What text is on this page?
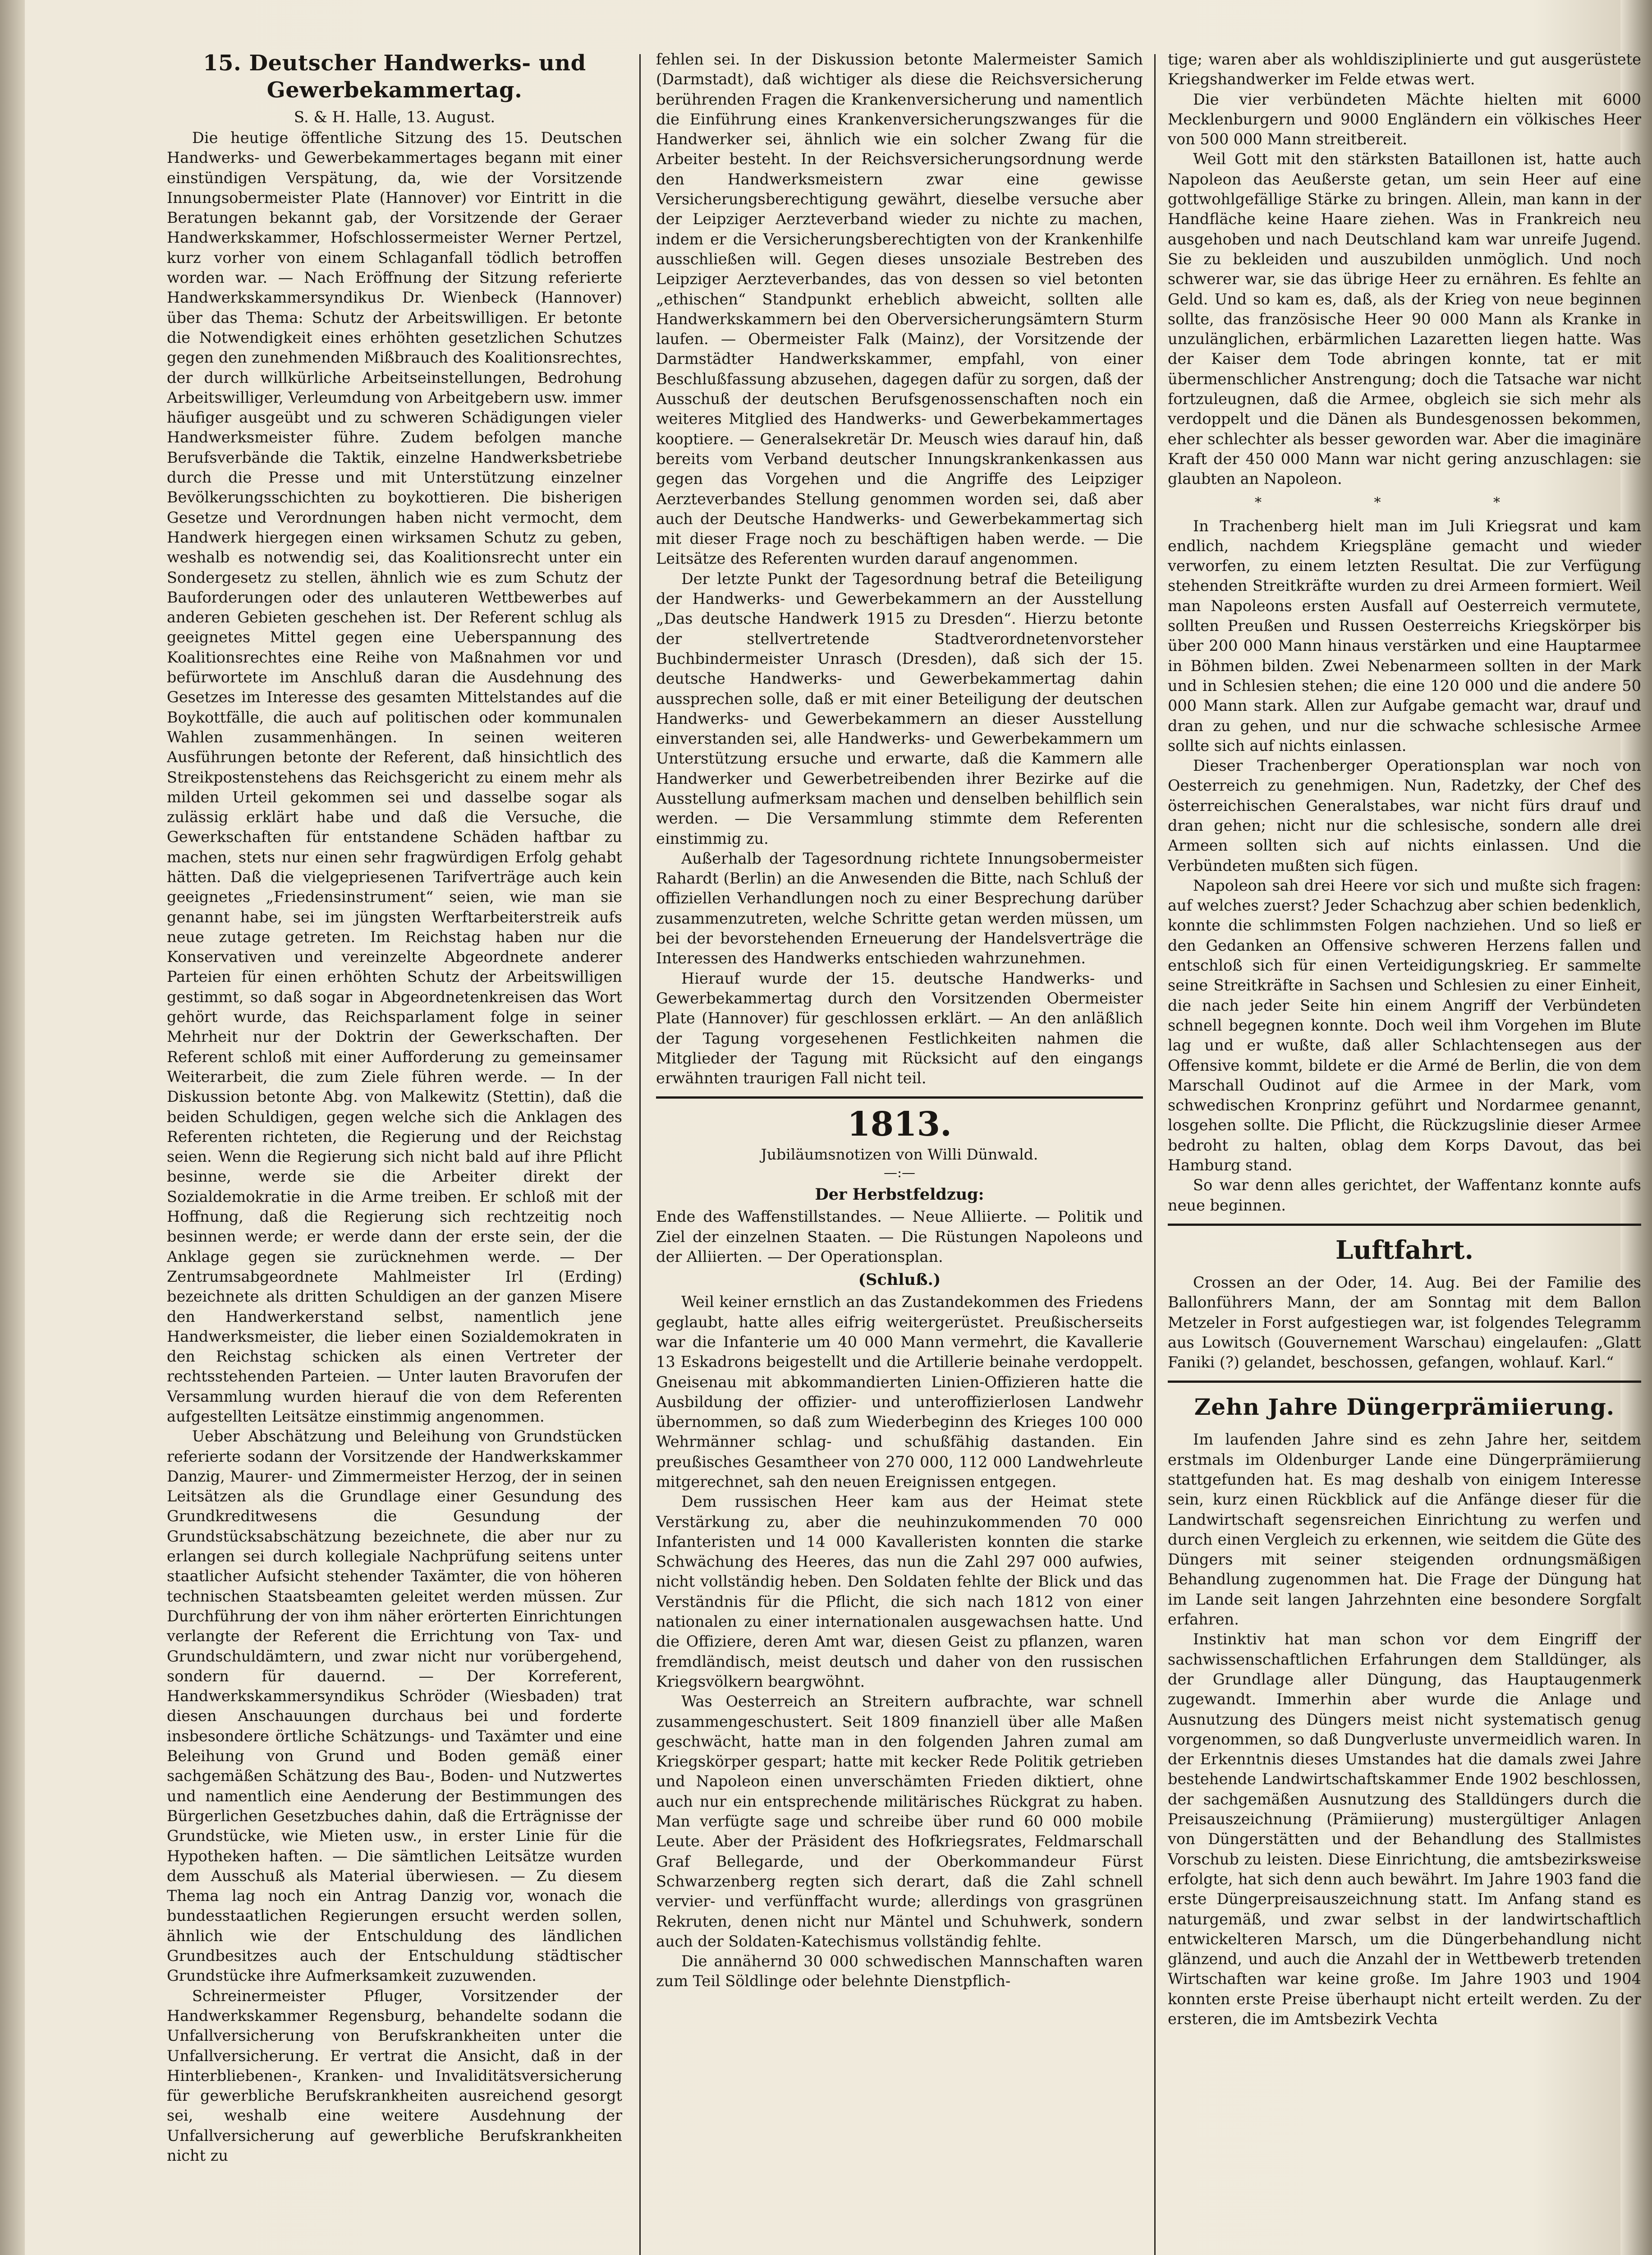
15. Deutscher Handwerks- und Gewerbekammertag.

S. & H. Halle, 13. August.

Die heutige öffentliche Sitzung des 15. Deutschen Handwerks- und Gewerbekammertages begann mit einer einstündigen Verspätung, da, wie der Vorsitzende Innungsobermeister Plate (Hannover) vor Eintritt in die Beratungen bekannt gab, der Vorsitzende der Geraer Handwerkskammer, Hofschlossermeister Werner Pertzel, kurz vorher von einem Schlaganfall tödlich betroffen worden war. — Nach Eröffnung der Sitzung referierte Handwerkskammersyndikus Dr. Wienbeck (Hannover) über das Thema: Schutz der Arbeitswilligen. Er betonte die Notwendigkeit eines erhöhten gesetzlichen Schutzes gegen den zunehmenden Mißbrauch des Koalitionsrechtes, der durch willkürliche Arbeitseinstellungen, Bedrohung Arbeitswilliger, Verleumdung von Arbeitgebern usw. immer häufiger ausgeübt und zu schweren Schädigungen vieler Handwerksmeister führe. Zudem befolgen manche Berufsverbände die Taktik, einzelne Handwerksbetriebe durch die Presse und mit Unterstützung einzelner Bevölkerungsschichten zu boykottieren. Die bisherigen Gesetze und Verordnungen haben nicht vermocht, dem Handwerk hiergegen einen wirksamen Schutz zu geben, weshalb es notwendig sei, das Koalitionsrecht unter ein Sondergesetz zu stellen, ähnlich wie es zum Schutz der Bauforderungen oder des unlauteren Wettbewerbes auf anderen Gebieten geschehen ist. Der Referent schlug als geeignetes Mittel gegen eine Ueberspannung des Koalitionsrechtes eine Reihe von Maßnahmen vor und befürwortete im Anschluß daran die Ausdehnung des Gesetzes im Interesse des gesamten Mittelstandes auf die Boykottfälle, die auch auf politischen oder kommunalen Wahlen zusammenhängen. In seinen weiteren Ausführungen betonte der Referent, daß hinsichtlich des Streikpostenstehens das Reichsgericht zu einem mehr als milden Urteil gekommen sei und dasselbe sogar als zulässig erklärt habe und daß die Versuche, die Gewerkschaften für entstandene Schäden haftbar zu machen, stets nur einen sehr fragwürdigen Erfolg gehabt hätten. Daß die vielgepriesenen Tarifverträge auch kein geeignetes „Friedensinstrument“ seien, wie man sie genannt habe, sei im jüngsten Werftarbeiterstreik aufs neue zutage getreten. Im Reichstag haben nur die Konservativen und vereinzelte Abgeordnete anderer Parteien für einen erhöhten Schutz der Arbeitswilligen gestimmt, so daß sogar in Abgeordnetenkreisen das Wort gehört wurde, das Reichsparlament folge in seiner Mehrheit nur der Doktrin der Gewerkschaften. Der Referent schloß mit einer Aufforderung zu gemeinsamer Weiterarbeit, die zum Ziele führen werde. — In der Diskussion betonte Abg. von Malkewitz (Stettin), daß die beiden Schuldigen, gegen welche sich die Anklagen des Referenten richteten, die Regierung und der Reichstag seien. Wenn die Regierung sich nicht bald auf ihre Pflicht besinne, werde sie die Arbeiter direkt der Sozialdemokratie in die Arme treiben. Er schloß mit der Hoffnung, daß die Regierung sich rechtzeitig noch besinnen werde; er werde dann der erste sein, der die Anklage gegen sie zurücknehmen werde. — Der Zentrumsabgeordnete Mahlmeister Irl (Erding) bezeichnete als dritten Schuldigen an der ganzen Misere den Handwerkerstand selbst, namentlich jene Handwerksmeister, die lieber einen Sozialdemokraten in den Reichstag schicken als einen Vertreter der rechtsstehenden Parteien. — Unter lauten Bravorufen der Versammlung wurden hierauf die von dem Referenten aufgestellten Leitsätze einstimmig angenommen.

Ueber Abschätzung und Beleihung von Grundstücken referierte sodann der Vorsitzende der Handwerkskammer Danzig, Maurer- und Zimmermeister Herzog, der in seinen Leitsätzen als die Grundlage einer Gesundung des Grundkreditwesens die Gesundung der Grundstücksabschätzung bezeichnete, die aber nur zu erlangen sei durch kollegiale Nachprüfung seitens unter staatlicher Aufsicht stehender Taxämter, die von höheren technischen Staatsbeamten geleitet werden müssen. Zur Durchführung der von ihm näher erörterten Einrichtungen verlangte der Referent die Errichtung von Tax- und Grundschuldämtern, und zwar nicht nur vorübergehend, sondern für dauernd. — Der Korreferent, Handwerkskammersyndikus Schröder (Wiesbaden) trat diesen Anschauungen durchaus bei und forderte insbesondere örtliche Schätzungs- und Taxämter und eine Beleihung von Grund und Boden gemäß einer sachgemäßen Schätzung des Bau-, Boden- und Nutzwertes und namentlich eine Aenderung der Bestimmungen des Bürgerlichen Gesetzbuches dahin, daß die Erträgnisse der Grundstücke, wie Mieten usw., in erster Linie für die Hypotheken haften. — Die sämtlichen Leitsätze wurden dem Ausschuß als Material überwiesen. — Zu diesem Thema lag noch ein Antrag Danzig vor, wonach die bundesstaatlichen Regierungen ersucht werden sollen, ähnlich wie der Entschuldung des ländlichen Grundbesitzes auch der Entschuldung städtischer Grundstücke ihre Aufmerksamkeit zuzuwenden.

Schreinermeister Pfluger, Vorsitzender der Handwerkskammer Regensburg, behandelte sodann die Unfallversicherung von Berufskrankheiten unter die Unfallversicherung. Er vertrat die Ansicht, daß in der Hinterbliebenen-, Kranken- und Invaliditätsversicherung für gewerbliche Berufskrankheiten ausreichend gesorgt sei, weshalb eine weitere Ausdehnung der Unfallversicherung auf gewerbliche Berufskrankheiten nicht zu

fehlen sei. In der Diskussion betonte Malermeister Samich (Darmstadt), daß wichtiger als diese die Reichsversicherung berührenden Fragen die Krankenversicherung und namentlich die Einführung eines Krankenversicherungszwanges für die Handwerker sei, ähnlich wie ein solcher Zwang für die Arbeiter besteht. In der Reichsversicherungsordnung werde den Handwerksmeistern zwar eine gewisse Versicherungsberechtigung gewährt, dieselbe versuche aber der Leipziger Aerzteverband wieder zu nichte zu machen, indem er die Versicherungsberechtigten von der Krankenhilfe ausschließen will. Gegen dieses unsoziale Bestreben des Leipziger Aerzteverbandes, das von dessen so viel betonten „ethischen“ Standpunkt erheblich abweicht, sollten alle Handwerkskammern bei den Oberversicherungsämtern Sturm laufen. — Obermeister Falk (Mainz), der Vorsitzende der Darmstädter Handwerkskammer, empfahl, von einer Beschlußfassung abzusehen, dagegen dafür zu sorgen, daß der Ausschuß der deutschen Berufsgenossenschaften noch ein weiteres Mitglied des Handwerks- und Gewerbekammertages kooptiere. — Generalsekretär Dr. Meusch wies darauf hin, daß bereits vom Verband deutscher Innungskrankenkassen aus gegen das Vorgehen und die Angriffe des Leipziger Aerzteverbandes Stellung genommen worden sei, daß aber auch der Deutsche Handwerks- und Gewerbekammertag sich mit dieser Frage noch zu beschäftigen haben werde. — Die Leitsätze des Referenten wurden darauf angenommen.

Der letzte Punkt der Tagesordnung betraf die Beteiligung der Handwerks- und Gewerbekammern an der Ausstellung „Das deutsche Handwerk 1915 zu Dresden“. Hierzu betonte der stellvertretende Stadtverordnetenvorsteher Buchbindermeister Unrasch (Dresden), daß sich der 15. deutsche Handwerks- und Gewerbekammertag dahin aussprechen solle, daß er mit einer Beteiligung der deutschen Handwerks- und Gewerbekammern an dieser Ausstellung einverstanden sei, alle Handwerks- und Gewerbekammern um Unterstützung ersuche und erwarte, daß die Kammern alle Handwerker und Gewerbetreibenden ihrer Bezirke auf die Ausstellung aufmerksam machen und denselben behilflich sein werden. — Die Versammlung stimmte dem Referenten einstimmig zu.

Außerhalb der Tagesordnung richtete Innungsobermeister Rahardt (Berlin) an die Anwesenden die Bitte, nach Schluß der offiziellen Verhandlungen noch zu einer Besprechung darüber zusammenzutreten, welche Schritte getan werden müssen, um bei der bevorstehenden Erneuerung der Handelsverträge die Interessen des Handwerks entschieden wahrzunehmen.

Hierauf wurde der 15. deutsche Handwerks- und Gewerbekammertag durch den Vorsitzenden Obermeister Plate (Hannover) für geschlossen erklärt. — An den anläßlich der Tagung vorgesehenen Festlichkeiten nahmen die Mitglieder der Tagung mit Rücksicht auf den eingangs erwähnten traurigen Fall nicht teil.

1813.

Jubiläumsnotizen von Willi Dünwald.

—:—

Der Herbstfeldzug:

Ende des Waffenstillstandes. — Neue Alliierte. — Politik und Ziel der einzelnen Staaten. — Die Rüstungen Napoleons und der Alliierten. — Der Operationsplan.

(Schluß.)

Weil keiner ernstlich an das Zustandekommen des Friedens geglaubt, hatte alles eifrig weitergerüstet. Preußischerseits war die Infanterie um 40 000 Mann vermehrt, die Kavallerie 13 Eskadrons beigestellt und die Artillerie beinahe verdoppelt. Gneisenau mit abkommandierten Linien-Offizieren hatte die Ausbildung der offizier- und unteroffizierlosen Landwehr übernommen, so daß zum Wiederbeginn des Krieges 100 000 Wehrmänner schlag- und schußfähig dastanden. Ein preußisches Gesamtheer von 270 000, 112 000 Landwehrleute mitgerechnet, sah den neuen Ereignissen entgegen.

Dem russischen Heer kam aus der Heimat stete Verstärkung zu, aber die neuhinzukommenden 70 000 Infanteristen und 14 000 Kavalleristen konnten die starke Schwächung des Heeres, das nun die Zahl 297 000 aufwies, nicht vollständig heben. Den Soldaten fehlte der Blick und das Verständnis für die Pflicht, die sich nach 1812 von einer nationalen zu einer internationalen ausgewachsen hatte. Und die Offiziere, deren Amt war, diesen Geist zu pflanzen, waren fremdländisch, meist deutsch und daher von den russischen Kriegsvölkern beargwöhnt.

Was Oesterreich an Streitern aufbrachte, war schnell zusammengeschustert. Seit 1809 finanziell über alle Maßen geschwächt, hatte man in den folgenden Jahren zumal am Kriegskörper gespart; hatte mit kecker Rede Politik getrieben und Napoleon einen unverschämten Frieden diktiert, ohne auch nur ein entsprechende militärisches Rückgrat zu haben. Man verfügte sage und schreibe über rund 60 000 mobile Leute. Aber der Präsident des Hofkriegsrates, Feldmarschall Graf Bellegarde, und der Oberkommandeur Fürst Schwarzenberg regten sich derart, daß die Zahl schnell vervier- und verfünffacht wurde; allerdings von grasgrünen Rekruten, denen nicht nur Mäntel und Schuhwerk, sondern auch der Soldaten-Katechismus vollständig fehlte.

Die annähernd 30 000 schwedischen Mannschaften waren zum Teil Söldlinge oder belehnte Dienstpflich-

tige; waren aber als wohldisziplinierte und gut ausgerüstete Kriegshandwerker im Felde etwas wert.

Die vier verbündeten Mächte hielten mit 6000 Mecklenburgern und 9000 Engländern ein völkisches Heer von 500 000 Mann streitbereit.

Weil Gott mit den stärksten Bataillonen ist, hatte auch Napoleon das Aeußerste getan, um sein Heer auf eine gottwohlgefällige Stärke zu bringen. Allein, man kann in der Handfläche keine Haare ziehen. Was in Frankreich neu ausgehoben und nach Deutschland kam war unreife Jugend. Sie zu bekleiden und auszubilden unmöglich. Und noch schwerer war, sie das übrige Heer zu ernähren. Es fehlte an Geld. Und so kam es, daß, als der Krieg von neue beginnen sollte, das französische Heer 90 000 Mann als Kranke in unzulänglichen, erbärmlichen Lazaretten liegen hatte. Was der Kaiser dem Tode abringen konnte, tat er mit übermenschlicher Anstrengung; doch die Tatsache war nicht fortzuleugnen, daß die Armee, obgleich sie sich mehr als verdoppelt und die Dänen als Bundesgenossen bekommen, eher schlechter als besser geworden war. Aber die imaginäre Kraft der 450 000 Mann war nicht gering anzuschlagen: sie glaubten an Napoleon.

* * *

In Trachenberg hielt man im Juli Kriegsrat und kam endlich, nachdem Kriegspläne gemacht und wieder verworfen, zu einem letzten Resultat. Die zur Verfügung stehenden Streitkräfte wurden zu drei Armeen formiert. Weil man Napoleons ersten Ausfall auf Oesterreich vermutete, sollten Preußen und Russen Oesterreichs Kriegskörper bis über 200 000 Mann hinaus verstärken und eine Hauptarmee in Böhmen bilden. Zwei Nebenarmeen sollten in der Mark und in Schlesien stehen; die eine 120 000 und die andere 50 000 Mann stark. Allen zur Aufgabe gemacht war, drauf und dran zu gehen, und nur die schwache schlesische Armee sollte sich auf nichts einlassen.

Dieser Trachenberger Operationsplan war noch von Oesterreich zu genehmigen. Nun, Radetzky, der Chef des österreichischen Generalstabes, war nicht fürs drauf und dran gehen; nicht nur die schlesische, sondern alle drei Armeen sollten sich auf nichts einlassen. Und die Verbündeten mußten sich fügen.

Napoleon sah drei Heere vor sich und mußte sich fragen: auf welches zuerst? Jeder Schachzug aber schien bedenklich, konnte die schlimmsten Folgen nachziehen. Und so ließ er den Gedanken an Offensive schweren Herzens fallen und entschloß sich für einen Verteidigungskrieg. Er sammelte seine Streitkräfte in Sachsen und Schlesien zu einer Einheit, die nach jeder Seite hin einem Angriff der Verbündeten schnell begegnen konnte. Doch weil ihm Vorgehen im Blute lag und er wußte, daß aller Schlachtensegen aus der Offensive kommt, bildete er die Armé de Berlin, die von dem Marschall Oudinot auf die Armee in der Mark, vom schwedischen Kronprinz geführt und Nordarmee genannt, losgehen sollte. Die Pflicht, die Rückzugslinie dieser Armee bedroht zu halten, oblag dem Korps Davout, das bei Hamburg stand.

So war denn alles gerichtet, der Waffentanz konnte aufs neue beginnen.

Luftfahrt.

Crossen an der Oder, 14. Aug. Bei der Familie des Ballonführers Mann, der am Sonntag mit dem Ballon Metzeler in Forst aufgestiegen war, ist folgendes Telegramm aus Lowitsch (Gouvernement Warschau) eingelaufen: „Glatt Faniki (?) gelandet, beschossen, gefangen, wohlauf. Karl.“

Zehn Jahre Düngerprämiierung.

Im laufenden Jahre sind es zehn Jahre her, seitdem erstmals im Oldenburger Lande eine Düngerprämiierung stattgefunden hat. Es mag deshalb von einigem Interesse sein, kurz einen Rückblick auf die Anfänge dieser für die Landwirtschaft segensreichen Einrichtung zu werfen und durch einen Vergleich zu erkennen, wie seitdem die Güte des Düngers mit seiner steigenden ordnungsmäßigen Behandlung zugenommen hat. Die Frage der Düngung hat im Lande seit langen Jahrzehnten eine besondere Sorgfalt erfahren.

Instinktiv hat man schon vor dem Eingriff der sachwissenschaftlichen Erfahrungen dem Stalldünger, als der Grundlage aller Düngung, das Hauptaugenmerk zugewandt. Immerhin aber wurde die Anlage und Ausnutzung des Düngers meist nicht systematisch genug vorgenommen, so daß Dungverluste unvermeidlich waren. In der Erkenntnis dieses Umstandes hat die damals zwei Jahre bestehende Landwirtschaftskammer Ende 1902 beschlossen, der sachgemäßen Ausnutzung des Stalldüngers durch die Preisauszeichnung (Prämiierung) mustergültiger Anlagen von Düngerstätten und der Behandlung des Stallmistes Vorschub zu leisten. Diese Einrichtung, die amtsbezirksweise erfolgte, hat sich denn auch bewährt. Im Jahre 1903 fand die erste Düngerpreisauszeichnung statt. Im Anfang stand es naturgemäß, und zwar selbst in der landwirtschaftlich entwickelteren Marsch, um die Düngerbehandlung nicht glänzend, und auch die Anzahl der in Wettbewerb tretenden Wirtschaften war keine große. Im Jahre 1903 und 1904 konnten erste Preise überhaupt nicht erteilt werden. Zu der ersteren, die im Amtsbezirk Vechta
